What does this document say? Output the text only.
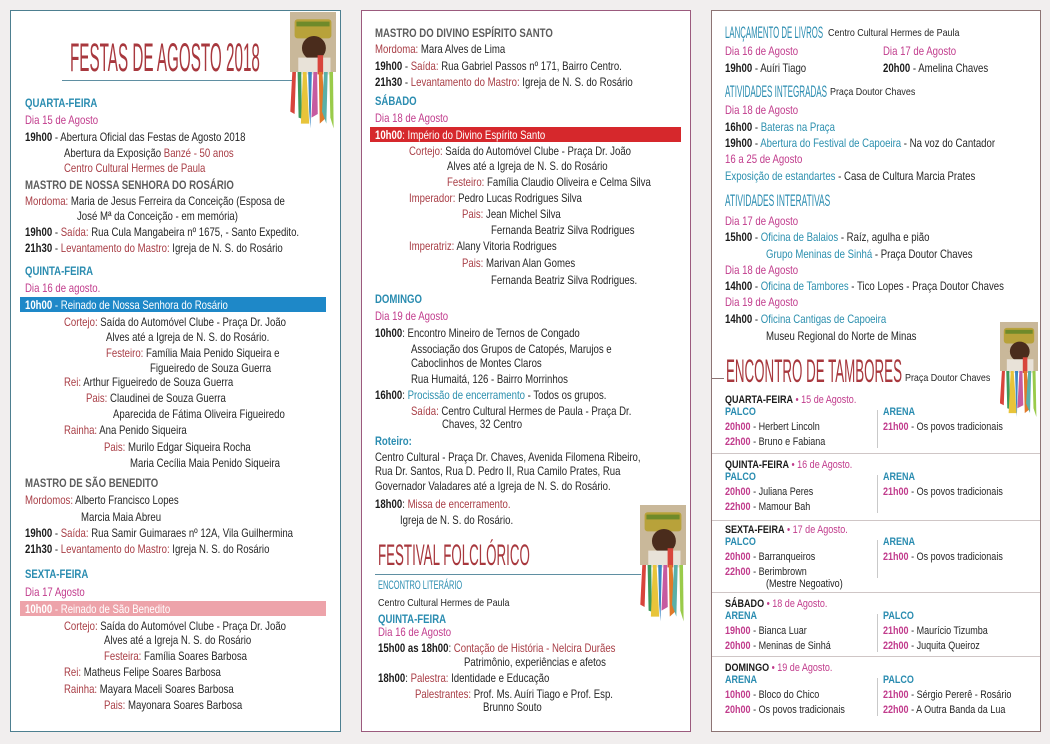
QUARTA-FEIRA
Dia 15 de Agosto
19h00 - Abertura Oficial das Festas de Agosto 2018
Abertura da Exposição Banzé - 50 anos
Centro Cultural Hermes de Paula
MASTRO DE NOSSA SENHORA DO ROSÁRIO
Mordoma: Maria de Jesus Ferreira da Conceição (Esposa de
José Mª da Conceição - em memória)
19h00 - Saída: Rua Cula Mangabeira nº 1675, - Santo Expedito.
21h30 - Levantamento do Mastro: Igreja de N. S. do Rosário
QUINTA-FEIRA
Dia 16 de agosto.
10h00 - Reinado de Nossa Senhora do Rosário
Cortejo: Saída do Automóvel Clube - Praça Dr. João
Alves até a Igreja de N. S. do Rosário.
Festeiro: Família Maia Penido Siqueira e
Figueiredo de Souza Guerra
Rei: Arthur Figueiredo de Souza Guerra
Pais: Claudinei de Souza Guerra
Aparecida de Fátima Oliveira Figueiredo
Rainha: Ana Penido Siqueira
Pais: Murilo Edgar Siqueira Rocha
Maria Cecília Maia Penido Siqueira
MASTRO DE SÃO BENEDITO
Mordomos: Alberto Francisco Lopes
Marcia Maia Abreu
19h00 - Saída: Rua Samir Guimaraes nº 12A, Vila Guilhermina
21h30 - Levantamento do Mastro: Igreja N. S. do Rosário
SEXTA-FEIRA
Dia 17 Agosto
10h00 - Reinado de São Benedito
Cortejo: Saída do Automóvel Clube - Praça Dr. João
Alves até a Igreja N. S. do Rosário
Festeira: Família Soares Barbosa
Rei: Matheus Felipe Soares Barbosa
Rainha: Mayara Maceli Soares Barbosa
Pais: Mayonara Soares Barbosa
MASTRO DO DIVINO ESPÍRITO SANTO
Mordoma: Mara Alves de Lima
19h00 - Saída: Rua Gabriel Passos nº 171, Bairro Centro.
21h30 - Levantamento do Mastro: Igreja de N. S. do Rosário
SÁBADO
Dia 18 de Agosto
10h00: Império do Divino Espírito Santo
Cortejo: Saída do Automóvel Clube - Praça Dr. João
Alves até a Igreja de N. S. do Rosário
Festeiro: Família Claudio Oliveira e Celma Silva
Imperador: Pedro Lucas Rodrigues Silva
Pais: Jean Michel Silva
Fernanda Beatriz Silva Rodrigues
Imperatriz: Alany Vitoria Rodrigues
Pais: Marivan Alan Gomes
Fernanda Beatriz Silva Rodrigues.
DOMINGO
Dia 19 de Agosto
10h00: Encontro Mineiro de Ternos de Congado
Associação dos Grupos de Catopés, Marujos e
Caboclinhos de Montes Claros
Rua Humaitá, 126 - Bairro Morrinhos
16h00: Procissão de encerramento - Todos os grupos.
Saída: Centro Cultural Hermes de Paula - Praça Dr.
Chaves, 32 Centro
Roteiro:
Centro Cultural - Praça Dr. Chaves, Avenida Filomena Ribeiro,
Rua Dr. Santos, Rua D. Pedro II, Rua Camilo Prates, Rua
Governador Valadares até a Igreja de N. S. do Rosário.
18h00: Missa de encerramento.
Igreja de N. S. do Rosário.
Centro Cultural Hermes de Paula
QUINTA-FEIRA
Dia 16 de Agosto
15h00 as 18h00: Contação de História - Nelcira Durães
Patrimônio, experiências e afetos
18h00: Palestra: Identidade e Educação
Palestrantes: Prof. Ms. Auíri Tiago e Prof. Esp.
Brunno Souto
Centro Cultural Hermes de Paula
Dia 16 de Agosto	Dia 17 de Agosto
19h00 - Auíri Tiago	20h00 - Amelina Chaves
Praça Doutor Chaves
Dia 18 de Agosto
16h00 - Bateras na Praça
19h00 - Abertura do Festival de Capoeira - Na voz do Cantador
16 a 25 de Agosto
Exposição de estandartes - Casa de Cultura Marcia Prates
Dia 17 de Agosto
15h00 - Oficina de Balaios - Raíz, agulha e pião
Grupo Meninas de Sinhá - Praça Doutor Chaves
Dia 18 de Agosto
14h00 - Oficina de Tambores - Tico Lopes - Praça Doutor Chaves
Dia 19 de Agosto
14h00 - Oficina Cantigas de Capoeira
Museu Regional do Norte de Minas
Praça Doutor Chaves
FESTAS DE AGOSTO 2018
FESTIVAL FOLCLÓRICO
ENCONTRO DE TAMBORES
ENCONTRO LITERÁRIO
LANÇAMENTO DE LIVROS
ATIVIDADES INTEGRADAS
ATIVIDADES INTERATIVAS
QUARTA-FEIRA • 15 de Agosto.
PALCO
20h00 - Herbert Lincoln
22h00 - Bruno e Fabiana
ARENA
21h00 - Os povos tradicionais
QUINTA-FEIRA • 16 de Agosto.
PALCO
20h00 - Juliana Peres
22h00 - Mamour Bah
ARENA
21h00 - Os povos tradicionais
SEXTA-FEIRA • 17 de Agosto.
PALCO
20h00 - Barranqueiros
22h00 - Berimbrown
(Mestre Negoativo)
ARENA
21h00 - Os povos tradicionais
SÁBADO • 18 de Agosto.
ARENA
19h00 - Bianca Luar
20h00 - Meninas de Sinhá
PALCO
21h00 - Maurício Tizumba
22h00 - Juquita Queiroz
DOMINGO • 19 de Agosto.
ARENA
10h00 - Bloco do Chico
20h00 - Os povos tradicionais
PALCO
21h00 - Sérgio Pererê - Rosário
22h00 - A Outra Banda da Lua
